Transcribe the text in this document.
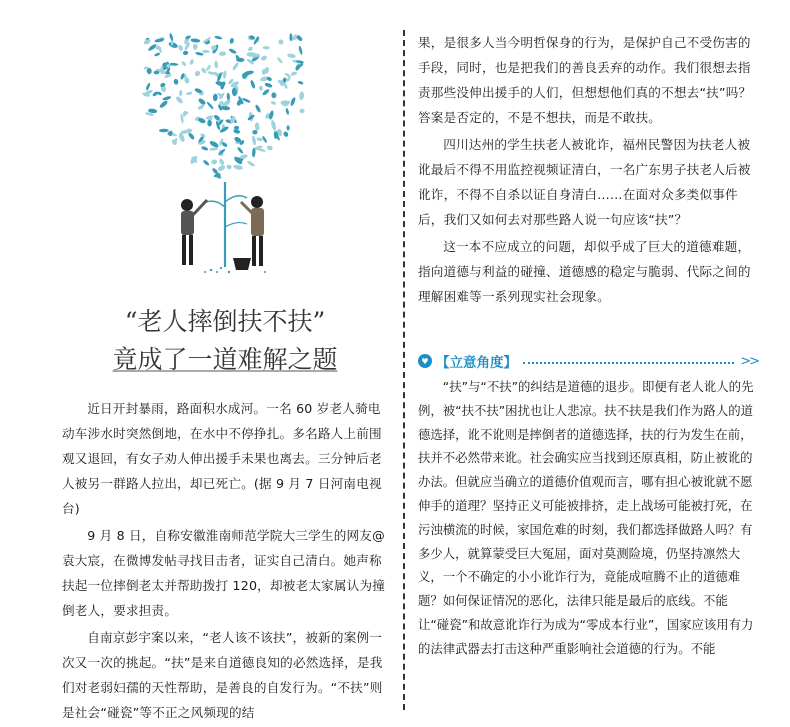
“老人摔倒扶不扶”
竟成了一道难解之题

近日开封暴雨，路面积水成河。一名 60 岁老人骑电动车涉水时突然倒地，在水中不停挣扎。多名路人上前围观又退回，有女子劝人伸出援手未果也离去。三分钟后老人被另一群路人拉出，却已死亡。(据 9 月 7 日河南电视台)

9 月 8 日，自称安徽淮南师范学院大三学生的网友@袁大宸，在微博发帖寻找目击者，证实自己清白。她声称扶起一位摔倒老太并帮助拨打 120，却被老太家属认为撞倒老人，要求担责。

自南京彭宇案以来，“老人该不该扶”，被新的案例一次又一次的挑起。“扶”是来自道德良知的必然选择，是我们对老弱妇孺的天性帮助，是善良的自发行为。“不扶”则是社会“碰瓷”等不正之风频现的结

果，是很多人当今明哲保身的行为，是保护自己不受伤害的手段，同时，也是把我们的善良丢弃的动作。我们很想去指责那些没伸出援手的人们，但想想他们真的不想去“扶”吗？答案是否定的，不是不想扶，而是不敢扶。

四川达州的学生扶老人被讹诈，福州民警因为扶老人被讹最后不得不用监控视频证清白，一名广东男子扶老人后被讹诈，不得不自杀以证自身清白……在面对众多类似事件后，我们又如何去对那些路人说一句应该“扶”？

这一本不应成立的问题，却似乎成了巨大的道德难题，指向道德与利益的碰撞、道德感的稳定与脆弱、代际之间的理解困难等一系列现实社会现象。

♥ 【立意角度】	>>

“扶”与“不扶”的纠结是道德的退步。即便有老人讹人的先例，被“扶不扶”困扰也让人悲凉。扶不扶是我们作为路人的道德选择，讹不讹则是摔倒者的道德选择，扶的行为发生在前，扶并不必然带来讹。社会确实应当找到还原真相，防止被讹的办法。但就应当确立的道德价值观而言，哪有担心被讹就不愿伸手的道理？坚持正义可能被排挤，走上战场可能被打死，在污浊横流的时候，家国危难的时刻，我们都选择做路人吗？有多少人，就算蒙受巨大冤屈，面对莫测险境，仍坚持凛然大义，一个不确定的小小讹诈行为，竟能成喧腾不止的道德难题？如何保证情况的恶化，法律只能是最后的底线。不能让“碰瓷”和故意讹诈行为成为“零成本行业”，国家应该用有力的法律武器去打击这种严重影响社会道德的行为。不能
